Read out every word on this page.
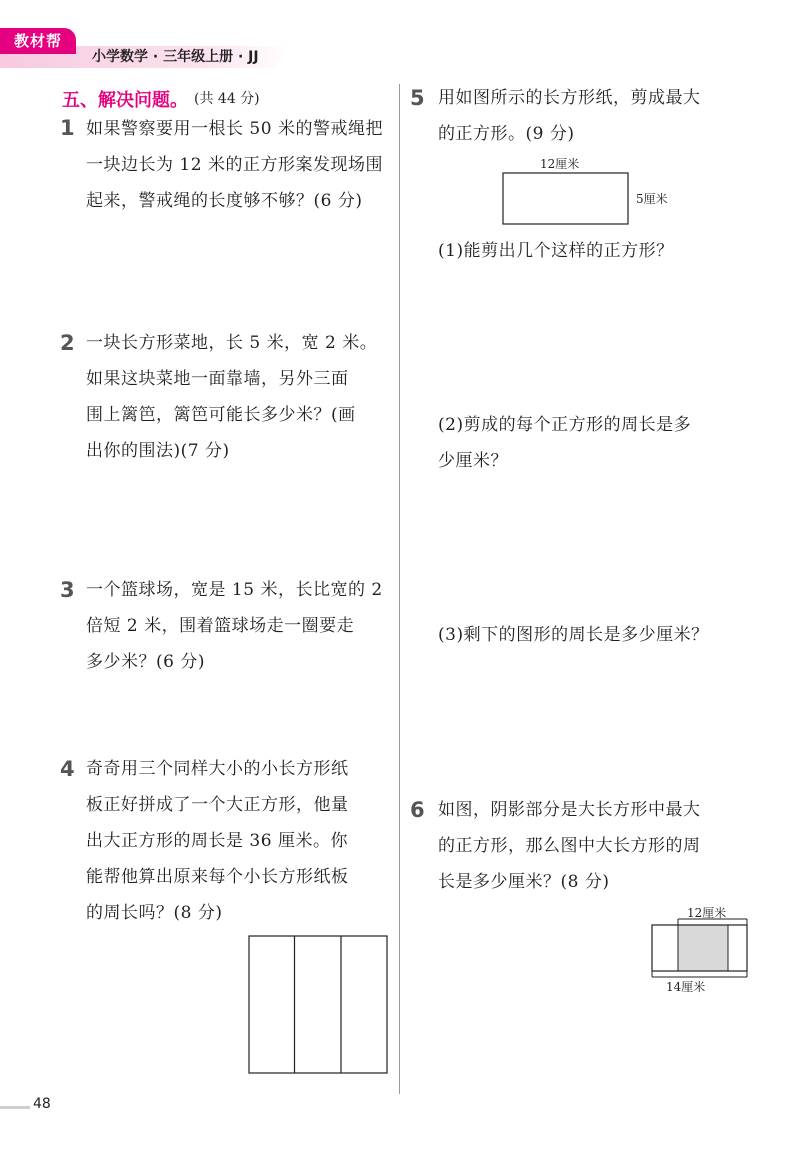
教材帮
小学数学 · 三年级上册 · JJ
五、解决问题。 (共 44 分)
1 如果警察要用一根长 50 米的警戒绳把
一块边长为 12 米的正方形案发现场围
起来，警戒绳的长度够不够？(6 分)
2 一块长方形菜地，长 5 米，宽 2 米。
如果这块菜地一面靠墙，另外三面
围上篱笆，篱笆可能长多少米？(画
出你的围法)(7 分)
3 一个篮球场，宽是 15 米，长比宽的 2
倍短 2 米，围着篮球场走一圈要走
多少米？(6 分)
4 奇奇用三个同样大小的小长方形纸
板正好拼成了一个大正方形，他量
出大正方形的周长是 36 厘米。你
能帮他算出原来每个小长方形纸板
的周长吗？(8 分)
5 用如图所示的长方形纸，剪成最大
的正方形。(9 分)
12厘米
5厘米
(1)能剪出几个这样的正方形？
(2)剪成的每个正方形的周长是多
少厘米？
(3)剩下的图形的周长是多少厘米？
6 如图，阴影部分是大长方形中最大
的正方形，那么图中大长方形的周
长是多少厘米？(8 分)
12厘米
14厘米
48
